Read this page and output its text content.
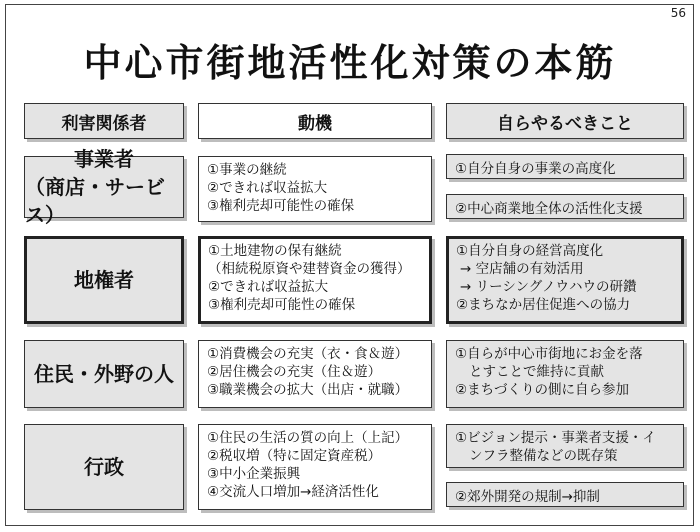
56
中心市街地活性化対策の本筋
利害関係者	動機	自らやるべきこと
事業者
（商店・サービス）
①事業の継続
②できれば収益拡大
③権利売却可能性の確保
①自分自身の事業の高度化
②中心商業地全体の活性化支援
地権者
①土地建物の保有継続
（相続税原資や建替資金の獲得）
②できれば収益拡大
③権利売却可能性の確保
①自分自身の経営高度化
→ 空店舗の有効活用
→ リーシングノウハウの研鑽
②まちなか居住促進への協力
住民・外野の人
①消費機会の充実（衣・食＆遊）
②居住機会の充実（住＆遊）
③職業機会の拡大（出店・就職）
①自らが中心市街地にお金を落
とすことで維持に貢献
②まちづくりの側に自ら参加
行政
①住民の生活の質の向上（上記）
②税収増（特に固定資産税）
③中小企業振興
④交流人口増加→経済活性化
①ビジョン提示・事業者支援・イ
ンフラ整備などの既存策
②郊外開発の規制→抑制
